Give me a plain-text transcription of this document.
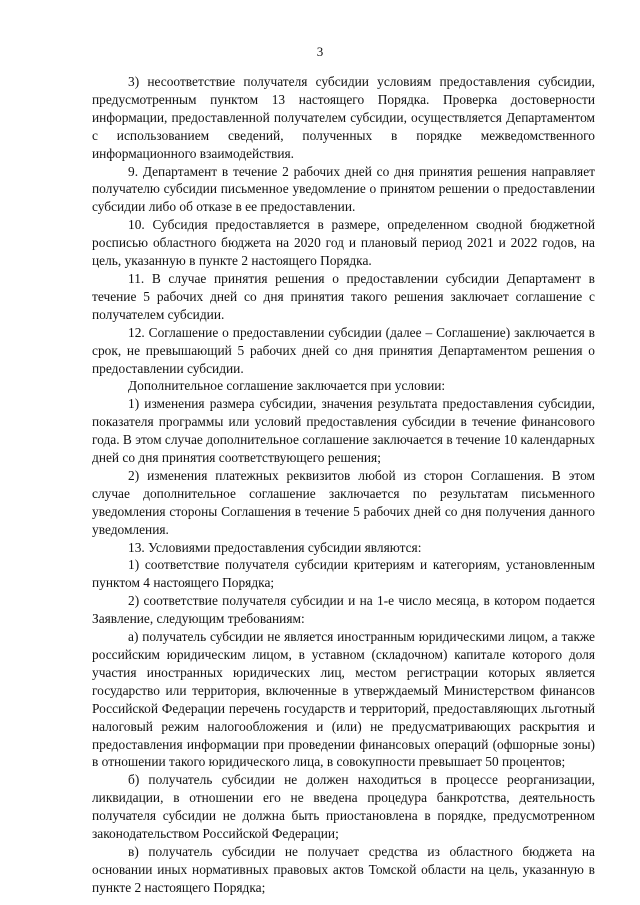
3

3) несоответствие получателя субсидии условиям предоставления субсидии, предусмотренным пунктом 13 настоящего Порядка. Проверка достоверности информации, предоставленной получателем субсидии, осуществляется Департаментом с использованием сведений, полученных в порядке межведомственного информационного взаимодействия.

9. Департамент в течение 2 рабочих дней со дня принятия решения направляет получателю субсидии письменное уведомление о принятом решении о предоставлении субсидии либо об отказе в ее предоставлении.

10. Субсидия предоставляется в размере, определенном сводной бюджетной росписью областного бюджета на 2020 год и плановый период 2021 и 2022 годов, на цель, указанную в пункте 2 настоящего Порядка.

11. В случае принятия решения о предоставлении субсидии Департамент в течение 5 рабочих дней со дня принятия такого решения заключает соглашение с получателем субсидии.

12. Соглашение о предоставлении субсидии (далее – Соглашение) заключается в срок, не превышающий 5 рабочих дней со дня принятия Департаментом решения о предоставлении субсидии.

Дополнительное соглашение заключается при условии:

1) изменения размера субсидии, значения результата предоставления субсидии, показателя программы или условий предоставления субсидии в течение финансового года. В этом случае дополнительное соглашение заключается в течение 10 календарных дней со дня принятия соответствующего решения;

2) изменения платежных реквизитов любой из сторон Соглашения. В этом случае дополнительное соглашение заключается по результатам письменного уведомления стороны Соглашения в течение 5 рабочих дней со дня получения данного уведомления.

13. Условиями предоставления субсидии являются:

1) соответствие получателя субсидии критериям и категориям, установленным пунктом 4 настоящего Порядка;

2) соответствие получателя субсидии и на 1-е число месяца, в котором подается Заявление, следующим требованиям:

а) получатель субсидии не является иностранным юридическими лицом, а также российским юридическим лицом, в уставном (складочном) капитале которого доля участия иностранных юридических лиц, местом регистрации которых является государство или территория, включенные в утверждаемый Министерством финансов Российской Федерации перечень государств и территорий, предоставляющих льготный налоговый режим налогообложения и (или) не предусматривающих раскрытия и предоставления информации при проведении финансовых операций (офшорные зоны) в отношении такого юридического лица, в совокупности превышает 50 процентов;

б) получатель субсидии не должен находиться в процессе реорганизации, ликвидации, в отношении его не введена процедура банкротства, деятельность получателя субсидии не должна быть приостановлена в порядке, предусмотренном законодательством Российской Федерации;

в) получатель субсидии не получает средства из областного бюджета на основании иных нормативных правовых актов Томской области на цель, указанную в пункте 2 настоящего Порядка;
